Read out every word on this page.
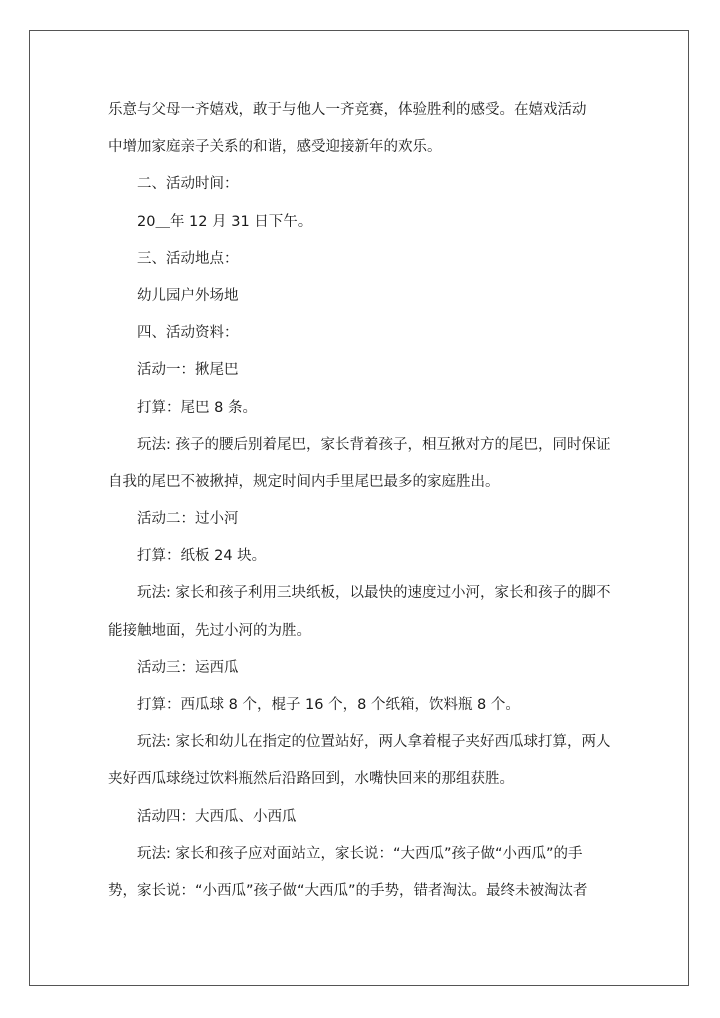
乐意与父母一齐嬉戏，敢于与他人一齐竞赛，体验胜利的感受。在嬉戏活动
中增加家庭亲子关系的和谐，感受迎接新年的欢乐。
二、活动时间：
20＿年 12 月 31 日下午。
三、活动地点：
幼儿园户外场地
四、活动资料：
活动一：揪尾巴
打算：尾巴 8 条。
玩法: 孩子的腰后别着尾巴，家长背着孩子，相互揪对方的尾巴，同时保证
自我的尾巴不被揪掉，规定时间内手里尾巴最多的家庭胜出。
活动二：过小河
打算：纸板 24 块。
玩法: 家长和孩子利用三块纸板，以最快的速度过小河，家长和孩子的脚不
能接触地面，先过小河的为胜。
活动三：运西瓜
打算：西瓜球 8 个，棍子 16 个，8 个纸箱，饮料瓶 8 个。
玩法: 家长和幼儿在指定的位置站好，两人拿着棍子夹好西瓜球打算，两人
夹好西瓜球绕过饮料瓶然后沿路回到，水嘴快回来的那组获胜。
活动四：大西瓜、小西瓜
玩法: 家长和孩子应对面站立，家长说：“大西瓜”孩子做“小西瓜”的手
势，家长说：“小西瓜”孩子做“大西瓜”的手势，错者淘汰。最终未被淘汰者
